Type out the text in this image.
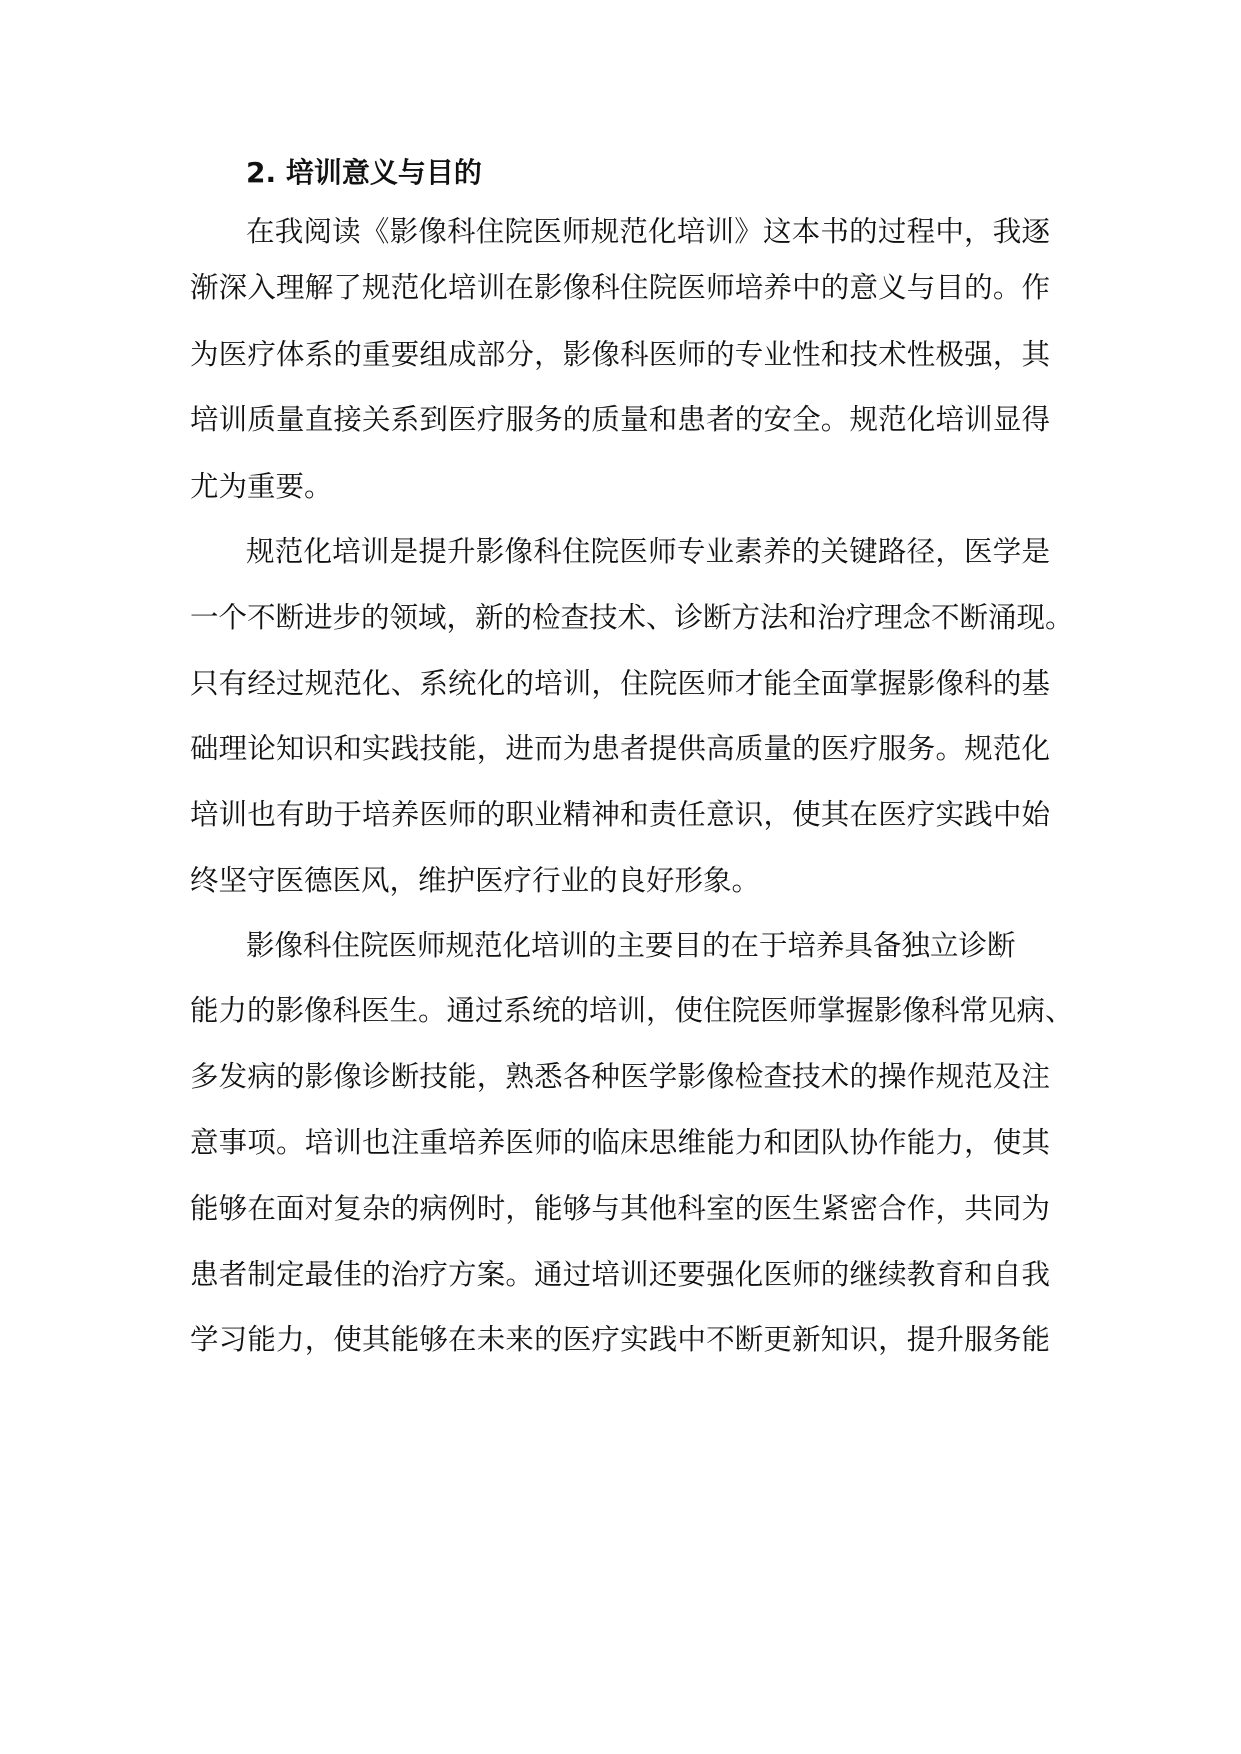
2. 培训意义与目的
在我阅读《影像科住院医师规范化培训》这本书的过程中，我逐
渐深入理解了规范化培训在影像科住院医师培养中的意义与目的。作
为医疗体系的重要组成部分，影像科医师的专业性和技术性极强，其
培训质量直接关系到医疗服务的质量和患者的安全。规范化培训显得
尤为重要。
规范化培训是提升影像科住院医师专业素养的关键路径，医学是
一个不断进步的领域，新的检查技术、诊断方法和治疗理念不断涌现。
只有经过规范化、系统化的培训，住院医师才能全面掌握影像科的基
础理论知识和实践技能，进而为患者提供高质量的医疗服务。规范化
培训也有助于培养医师的职业精神和责任意识，使其在医疗实践中始
终坚守医德医风，维护医疗行业的良好形象。
影像科住院医师规范化培训的主要目的在于培养具备独立诊断
能力的影像科医生。通过系统的培训，使住院医师掌握影像科常见病、
多发病的影像诊断技能，熟悉各种医学影像检查技术的操作规范及注
意事项。培训也注重培养医师的临床思维能力和团队协作能力，使其
能够在面对复杂的病例时，能够与其他科室的医生紧密合作，共同为
患者制定最佳的治疗方案。通过培训还要强化医师的继续教育和自我
学习能力，使其能够在未来的医疗实践中不断更新知识，提升服务能
